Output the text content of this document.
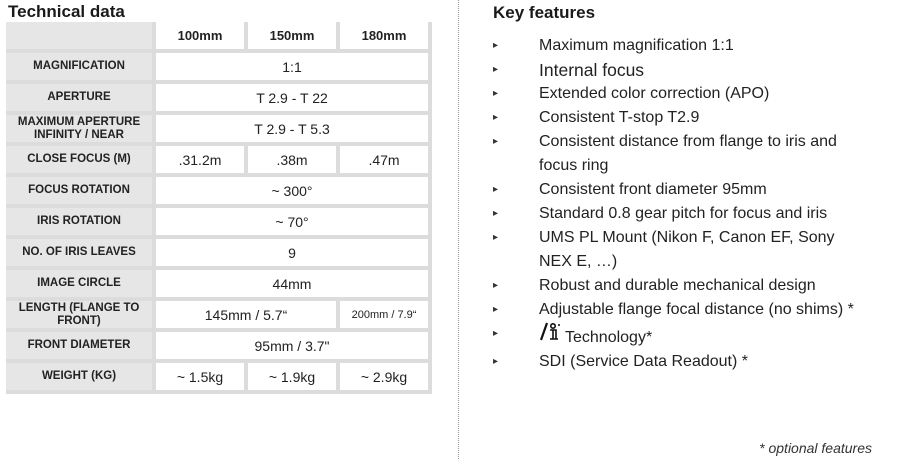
Technical data
	100mm	150mm	180mm
MAGNIFICATION	1:1		
APERTURE	T 2.9 - T 22		

MAXIMUM APERTURE
INFINITY / NEAR	T 2.9 - T 5.3		
CLOSE FOCUS (M)	.31.2m	.38m	.47m
FOCUS ROTATION	~ 300°		
IRIS ROTATION	~ 70°		
NO. OF IRIS LEAVES	9		
IMAGE CIRCLE	44mm		

LENGTH (FLANGE TO
FRONT)	145mm / 5.7“		200mm / 7.9“
FRONT DIAMETER	95mm / 3.7"		
WEIGHT (KG)	~ 1.5kg	~ 1.9kg	~ 2.9kg
Key features
▸	Maximum magnification 1:1
▸ Internal focus
▸	Extended color correction (APO)
▸	Consistent T-stop T2.9
▸	Consistent distance from flange to iris and
focus ring
▸	Consistent front diameter 95mm
▸	Standard 0.8 gear pitch for focus and iris
▸	UMS PL Mount (Nikon F, Canon EF, Sony
NEX E, …)
▸	Robust and durable mechanical design
▸	Adjustable flange focal distance (no shims) *
▸	Technology*
▸	SDI (Service Data Readout) *
* optional features
